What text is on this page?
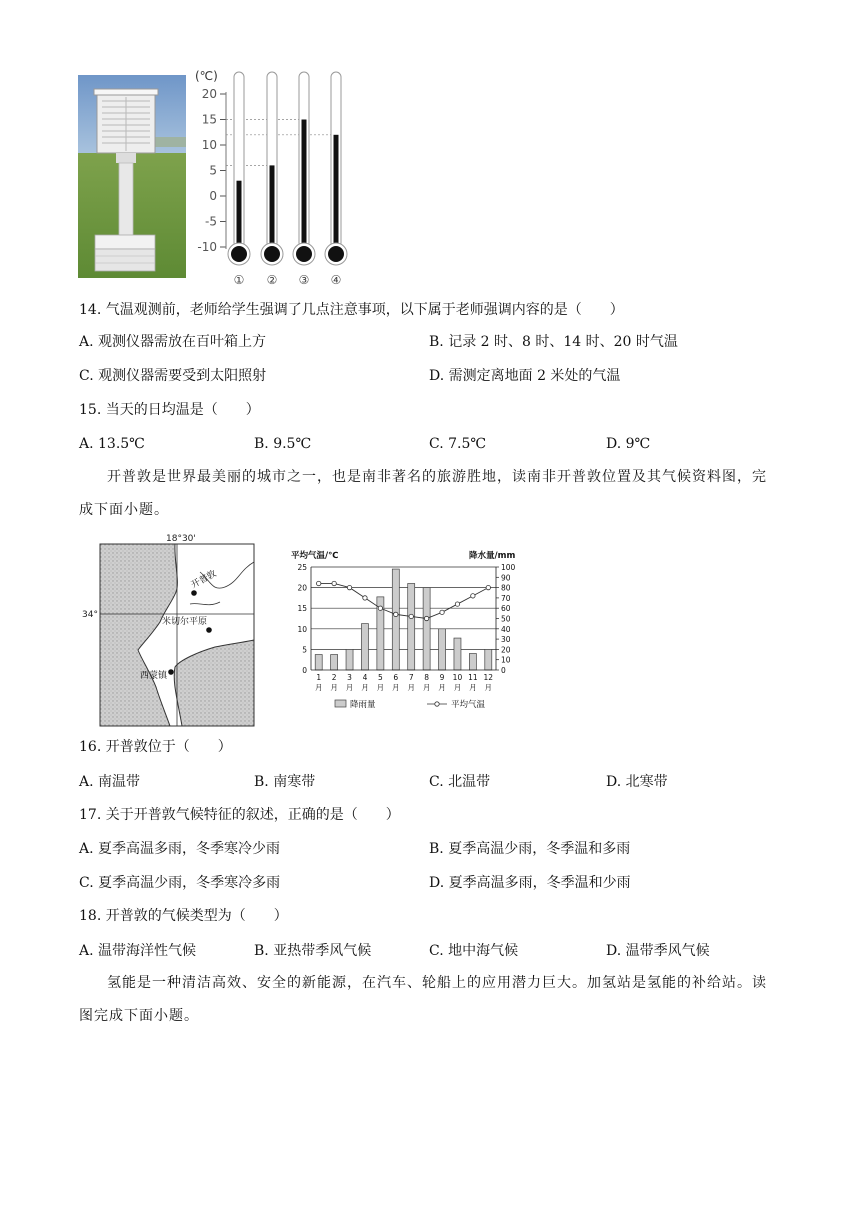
(℃)
20
15
10
5
0
-5
-10
① ② ③ ④
14. 气温观测前，老师给学生强调了几点注意事项，以下属于老师强调内容的是（　　）
A. 观测仪器需放在百叶箱上方	B. 记录 2 时、8 时、14 时、20 时气温
C. 观测仪器需要受到太阳照射	D. 需测定离地面 2 米处的气温
15. 当天的日均温是（　　）
A. 13.5℃	B. 9.5℃	C. 7.5℃	D. 9℃
开普敦是世界最美丽的城市之一，也是南非著名的旅游胜地，读南非开普敦位置及其气候资料图，完成下面小题。
18°30'
34°
开普敦
米切尔平原
西蒙镇
平均气温/℃	降水量/mm
25
20
15
10
5
0
100
90
80
70
60
50
40
30
20
10
0
1
月
2
月
3
月
4
月
5
月
6
月
7
月
8
月
9
月
10
月
11
月
12
月
降雨量	平均气温
16. 开普敦位于（　　）
A. 南温带	B. 南寒带	C. 北温带	D. 北寒带
17. 关于开普敦气候特征的叙述，正确的是（　　）
A. 夏季高温多雨，冬季寒冷少雨	B. 夏季高温少雨，冬季温和多雨
C. 夏季高温少雨，冬季寒冷多雨	D. 夏季高温多雨，冬季温和少雨
18. 开普敦的气候类型为（　　）
A. 温带海洋性气候	B. 亚热带季风气候	C. 地中海气候	D. 温带季风气候
氢能是一种清洁高效、安全的新能源，在汽车、轮船上的应用潜力巨大。加氢站是氢能的补给站。读图完成下面小题。
